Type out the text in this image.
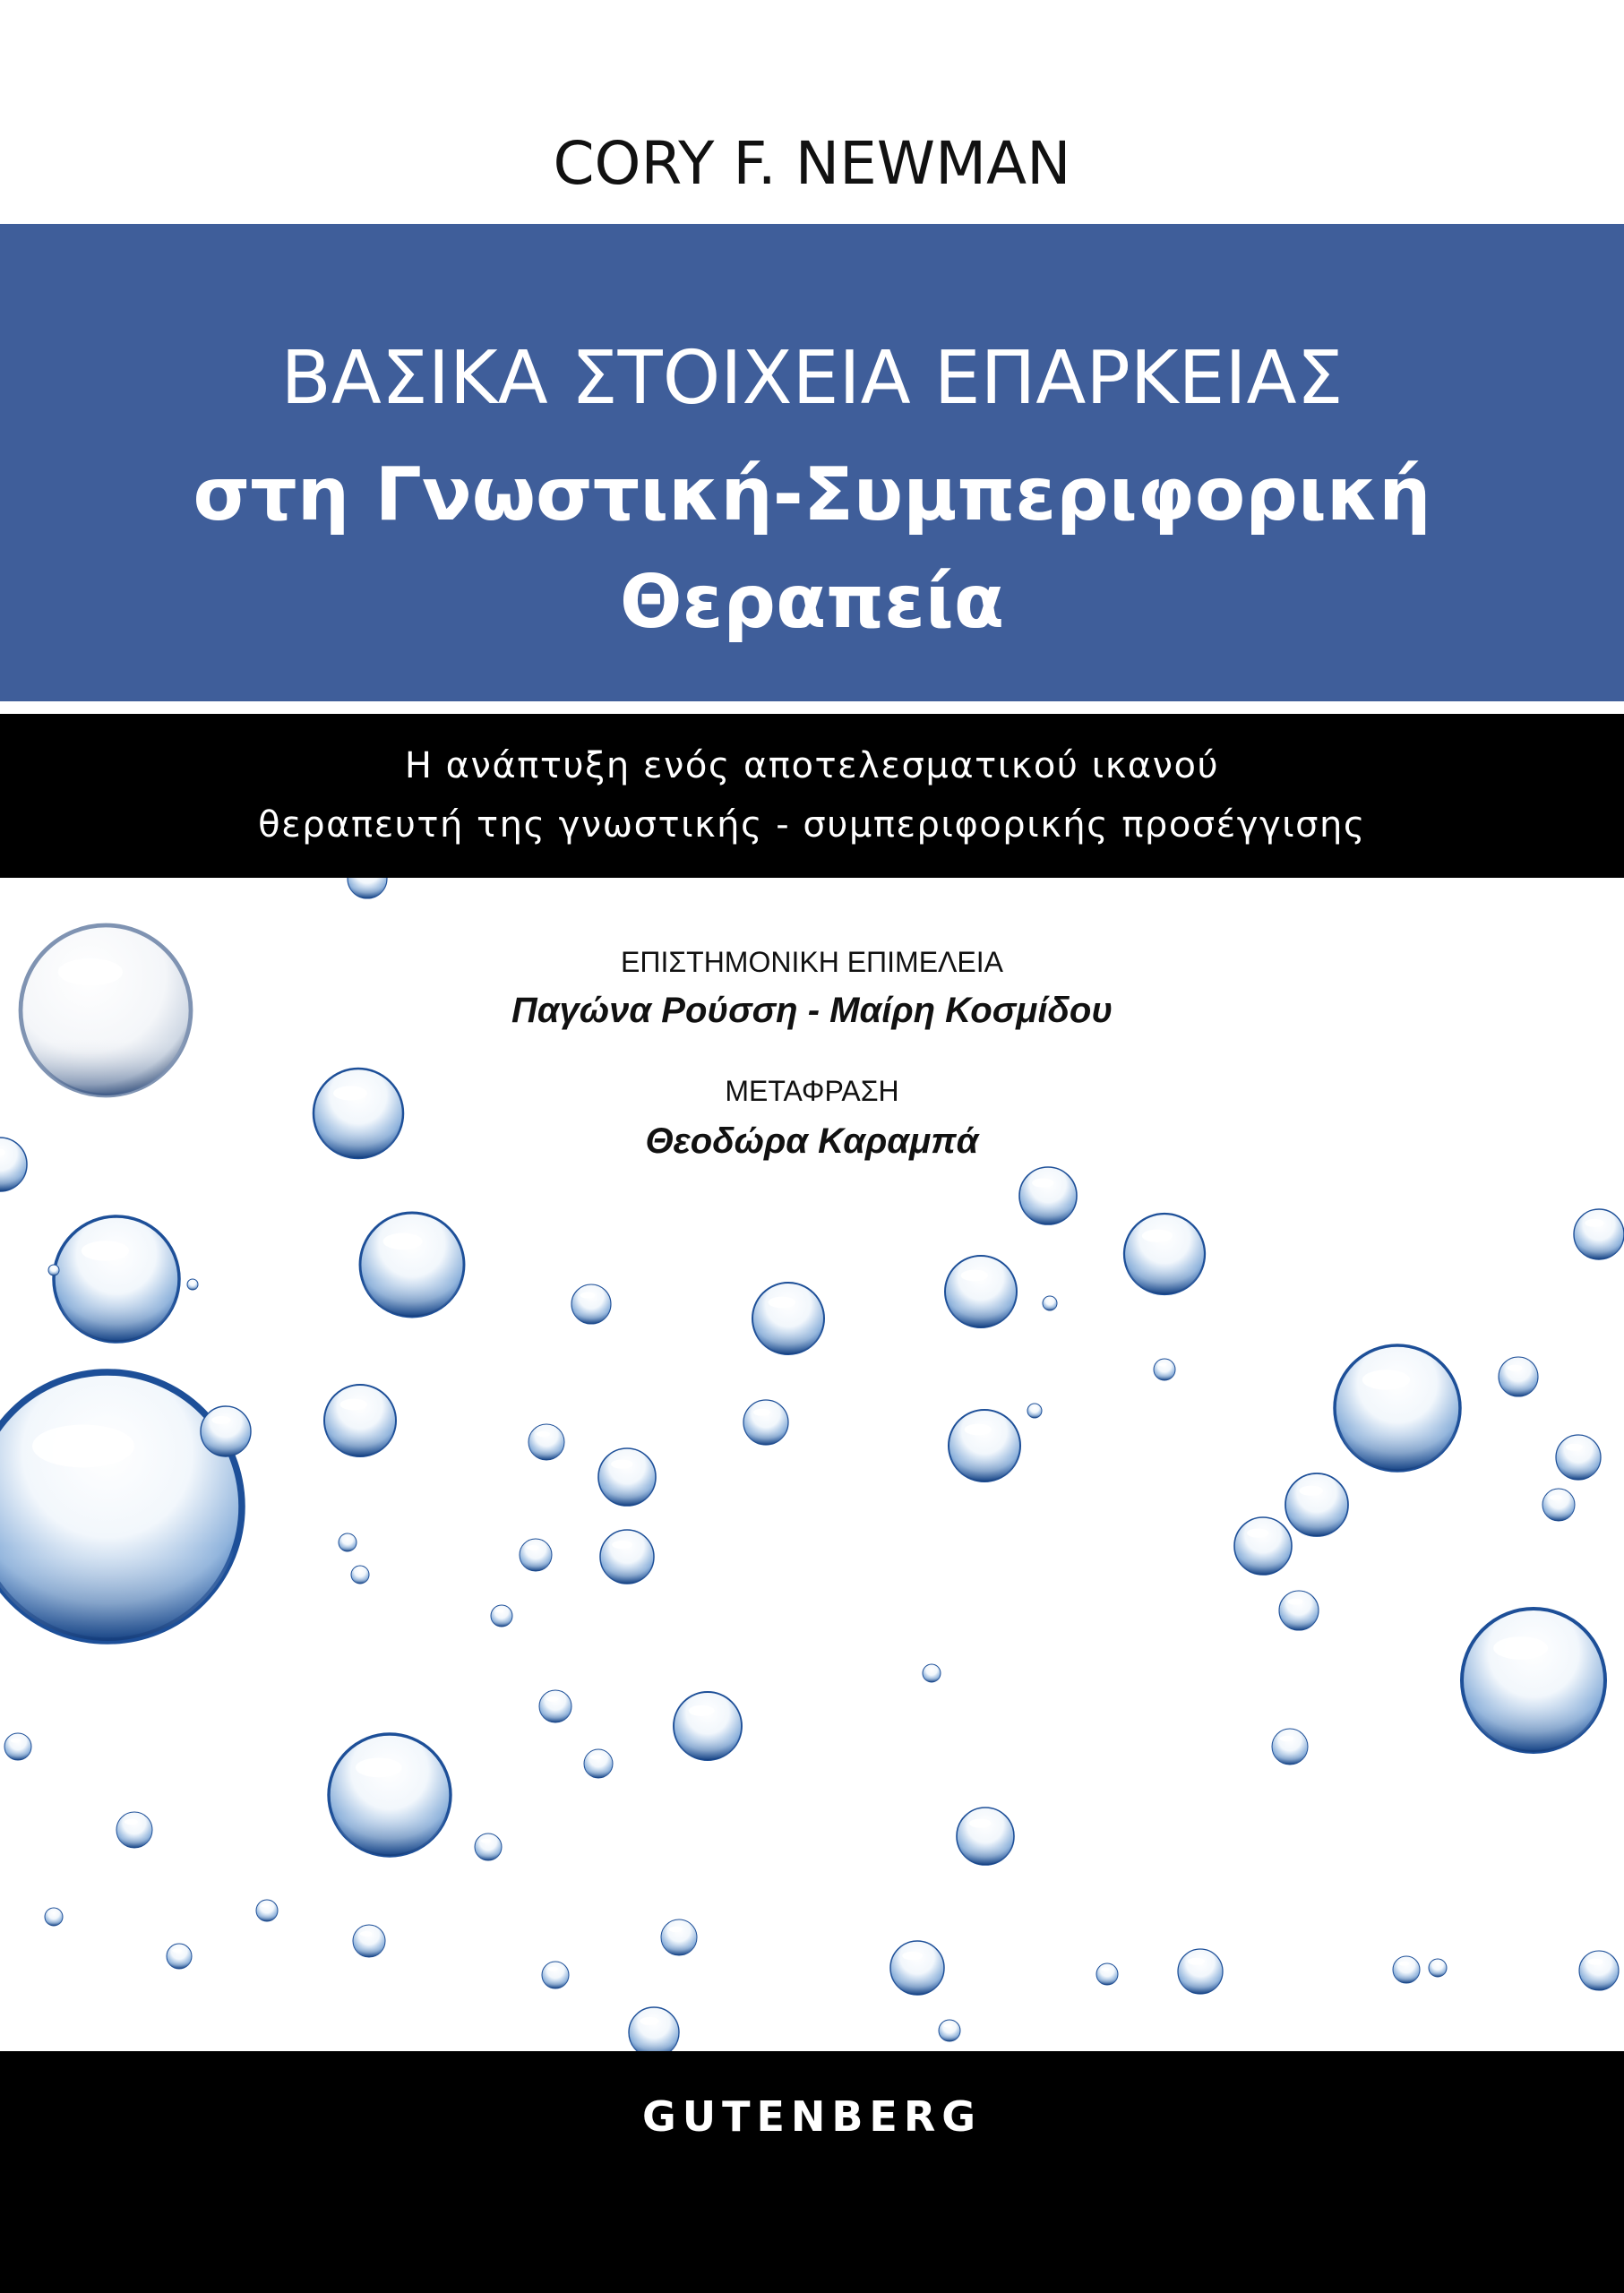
CORY F. NEWMAN
ΒΑΣΙΚΑ ΣΤΟΙΧΕΙΑ ΕΠΑΡΚΕΙΑΣ
στη Γνωστική-Συμπεριφορική
Θεραπεία
Η ανάπτυξη ενός αποτελεσματικού ικανού
θεραπευτή της γνωστικής - συμπεριφορικής προσέγγισης
ΕΠΙΣΤΗΜΟΝΙΚΗ ΕΠΙΜΕΛΕΙΑ
Παγώνα Ρούσση - Μαίρη Κοσμίδου
ΜΕΤΑΦΡΑΣΗ
Θεοδώρα Καραμπά
GUTENBERG
